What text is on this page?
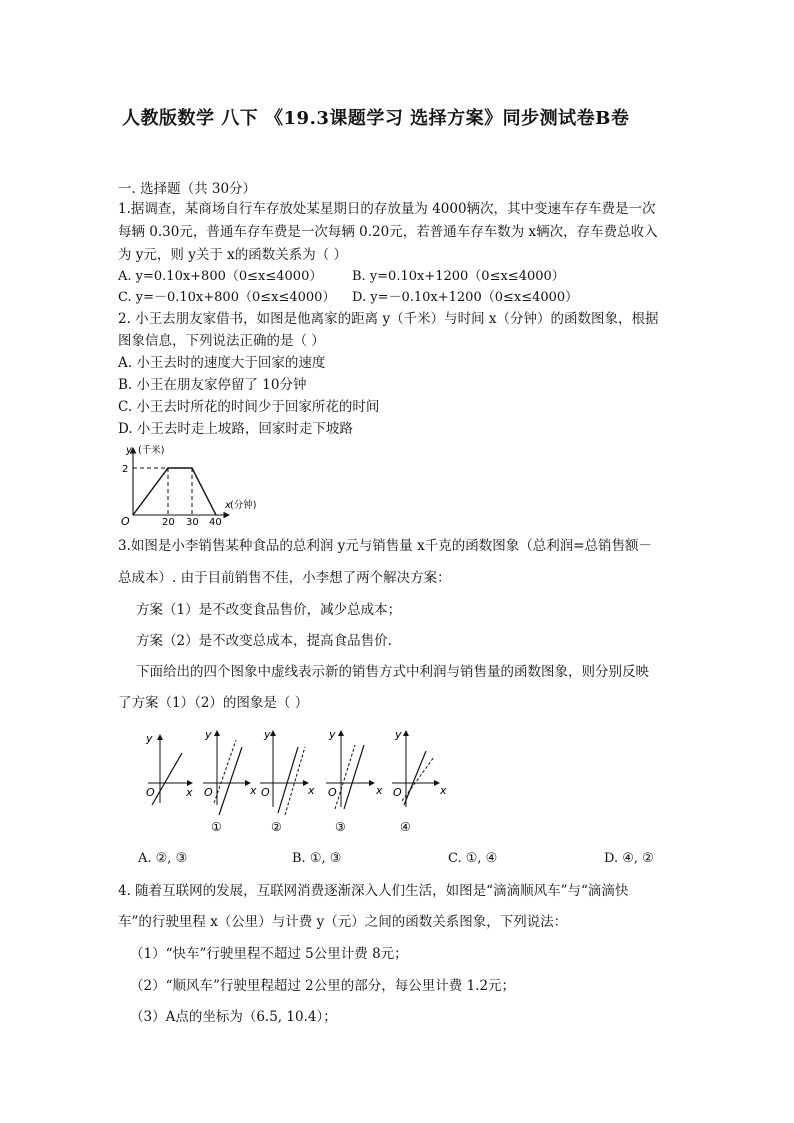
人教版数学 八下 《19.3课题学习 选择方案》同步测试卷B卷
一. 选择题（共 30分）
1.据调查，某商场自行车存放处某星期日的存放量为 4000辆次，其中变速车存车费是一次
每辆 0.30元，普通车存车费是一次每辆 0.20元，若普通车存车数为 x辆次，存车费总收入
为 y元，则 y关于 x的函数关系为（ ）
A. y=0.10x+800（0≤x≤4000） B. y=0.10x+1200（0≤x≤4000）
C. y=－0.10x+800（0≤x≤4000） D. y=－0.10x+1200（0≤x≤4000）
2. 小王去朋友家借书，如图是他离家的距离 y（千米）与时间 x（分钟）的函数图象，根据
图象信息，下列说法正确的是（ ）
A. 小王去时的速度大于回家的速度
B. 小王在朋友家停留了 10分钟
C. 小王去时所花的时间少于回家所花的时间
D. 小王去时走上坡路，回家时走下坡路
y (千米)
x (分钟)
O
2
20 30 40
3.如图是小李销售某种食品的总利润 y元与销售量 x千克的函数图象（总利润=总销售额－
总成本）. 由于目前销售不佳，小李想了两个解决方案：
方案（1）是不改变食品售价，减少总成本；
方案（2）是不改变总成本，提高食品售价.
下面给出的四个图象中虚线表示新的销售方式中利润与销售量的函数图象，则分别反映
了方案（1）（2）的图象是（ ）
y
x
O
y
x
O
①
y
x
O
②
y
x
O
③
y
x
O
④
A. ②, ③	B. ①, ③	C. ①, ④	D. ④, ②
4. 随着互联网的发展，互联网消费逐渐深入人们生活，如图是“滴滴顺风车”与“滴滴快
车”的行驶里程 x（公里）与计费 y（元）之间的函数关系图象，下列说法：
（1）“快车”行驶里程不超过 5公里计费 8元；
（2）“顺风车”行驶里程超过 2公里的部分，每公里计费 1.2元；
（3）A点的坐标为（6.5, 10.4）；
